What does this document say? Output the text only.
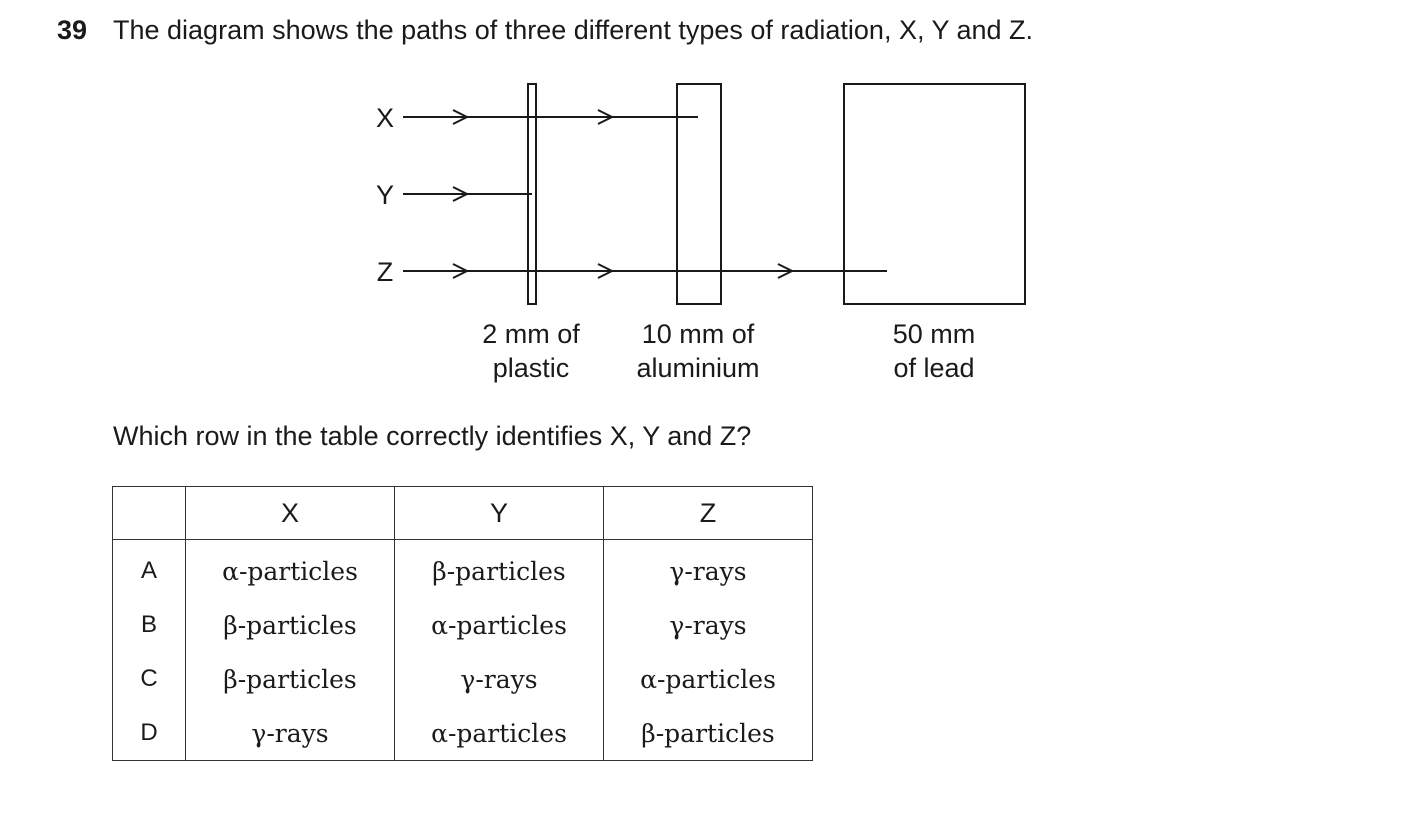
39 The diagram shows the paths of three different types of radiation, X, Y and Z.
X
Y
Z
2 mm of
plastic
10 mm of
aluminium
50 mm
of lead
Which row in the table correctly identifies X, Y and Z?
	X	Y	Z
A	α-particles	β-particles	γ-rays
B	β-particles	α-particles	γ-rays
C	β-particles	γ-rays	α-particles
D	γ-rays	α-particles	β-particles
